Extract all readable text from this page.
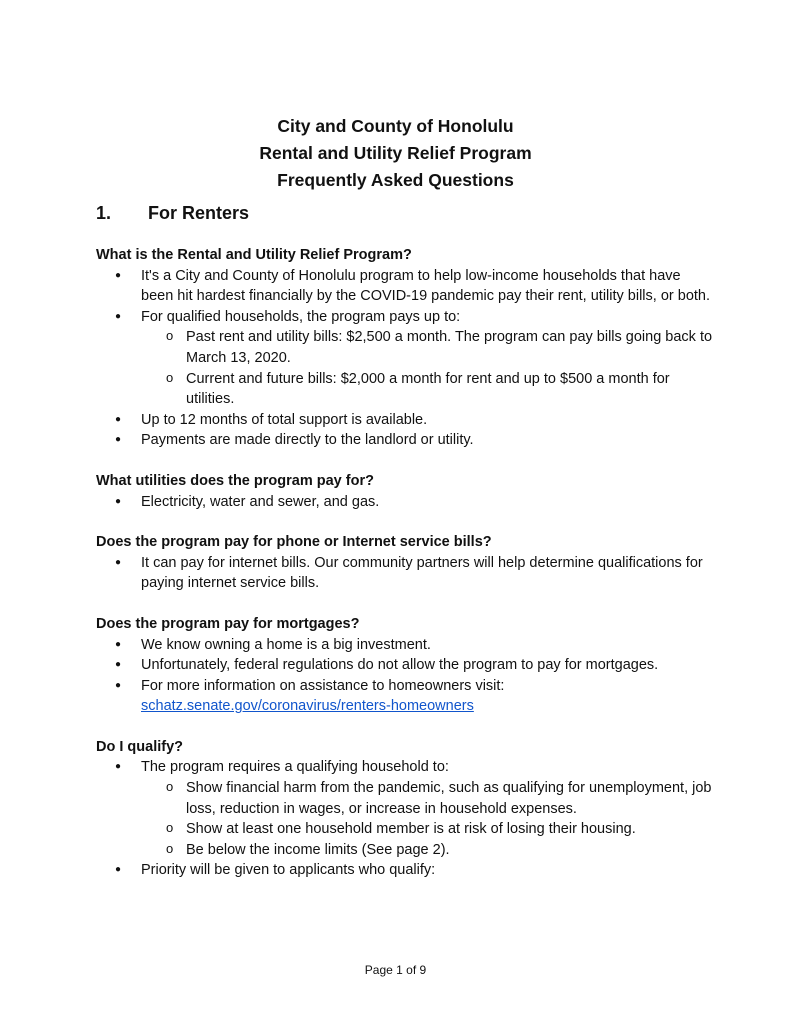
City and County of Honolulu
Rental and Utility Relief Program
Frequently Asked Questions
1. For Renters

What is the Rental and Utility Relief Program?

● It's a City and County of Honolulu program to help low-income households that have been hit hardest financially by the COVID-19 pandemic pay their rent, utility bills, or both.
● For qualified households, the program pays up to:
o Past rent and utility bills: $2,500 a month. The program can pay bills going back to March 13, 2020.
o Current and future bills: $2,000 a month for rent and up to $500 a month for utilities.
● Up to 12 months of total support is available.
● Payments are made directly to the landlord or utility.

What utilities does the program pay for?

● Electricity, water and sewer, and gas.

Does the program pay for phone or Internet service bills?

● It can pay for internet bills. Our community partners will help determine qualifications for paying internet service bills.

Does the program pay for mortgages?

● We know owning a home is a big investment.
● Unfortunately, federal regulations do not allow the program to pay for mortgages.
● For more information on assistance to homeowners visit:
schatz.senate.gov/coronavirus/renters-homeowners

Do I qualify?

● The program requires a qualifying household to:
o Show financial harm from the pandemic, such as qualifying for unemployment, job loss, reduction in wages, or increase in household expenses.
o Show at least one household member is at risk of losing their housing.
o Be below the income limits (See page 2).
● Priority will be given to applicants who qualify:
Page 1 of 9
